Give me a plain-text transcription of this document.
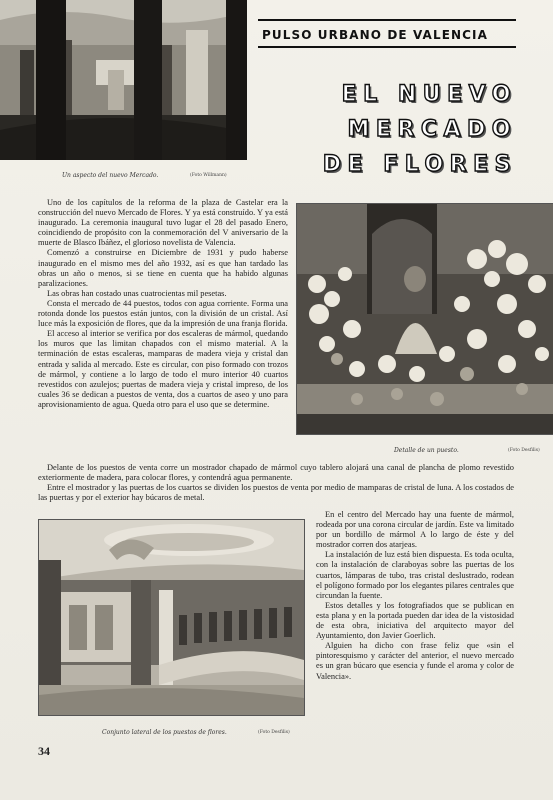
Un aspecto del nuevo Mercado.	(Foto Willmann)
PULSO URBANO DE VALENCIA
EL NUEVO
MERCADO
DE FLORES

Uno de los capítulos de la reforma de la plaza de Castelar era la construcción del nuevo Mercado de Flores. Y ya está construído. Y ya está inaugurado. La ceremonia inaugural tuvo lugar el 28 del pasado Enero, coincidiendo de propósito con la conmemoración del V aniversario de la muerte de Blasco Ibáñez, el glorioso novelista de Valencia.

Comenzó a construirse en Diciembre de 1931 y pudo haberse inaugurado en el mismo mes del año 1932, así es que han tardado las obras un año o menos, si se tiene en cuenta que ha habido algunas paralizaciones.

Las obras han costado unas cuatrocientas mil pesetas.

Consta el mercado de 44 puestos, todos con agua corriente. Forma una rotonda donde los puestos están juntos, con la división de un cristal. Así luce más la exposición de flores, que da la impresión de una franja florida.

El acceso al interior se verifica por dos escaleras de mármol, quedando los muros que las limitan chapados con el mismo material. A la terminación de estas escaleras, mamparas de madera vieja y cristal dan entrada y salida al mercado. Este es circular, con piso formado con trozos de mármol, y contiene a lo largo de todo el muro interior 40 cuartos revestidos con azulejos; puertas de madera vieja y cristal impreso, de los cuales 36 se dedican a puestos de venta, dos a cuartos de aseo y uno para aprovisionamiento de agua. Queda otro para el uso que se determine.

Detalle de un puesto.	(Foto Desfilis)

Delante de los puestos de venta corre un mostrador chapado de mármol cuyo tablero alojará una canal de plancha de plomo revestido exteriormente de madera, para colocar flores, y contendrá agua permanente.

Entre el mostrador y las puertas de los cuartos se dividen los puestos de venta por medio de mamparas de cristal de luna. A los costados de las puertas y por el exterior hay búcaros de metal.

Conjunto lateral de los puestos de flores.	(Foto Desfilis)

En el centro del Mercado hay una fuente de mármol, rodeada por una corona circular de jardín. Este va limitado por un bordillo de mármol A lo largo de éste y del mostrador corren dos atarjeas.

La instalación de luz está bien dispuesta. Es toda oculta, con la instalación de claraboyas sobre las puertas de los cuartos, lámparas de tubo, tras cristal deslustrado, rodean el polígono formado por los elegantes pilares centrales que circundan la fuente.

Estos detalles y los fotografiados que se publican en esta plana y en la portada pueden dar idea de la vistosidad de esta obra, iniciativa del arquitecto mayor del Ayuntamiento, don Javier Goerlich.

Alguien ha dicho con frase feliz que «sin el pintoresquismo y carácter del anterior, el nuevo mercado es un gran búcaro que esencia y funde el aroma y color de Valencia».

34
